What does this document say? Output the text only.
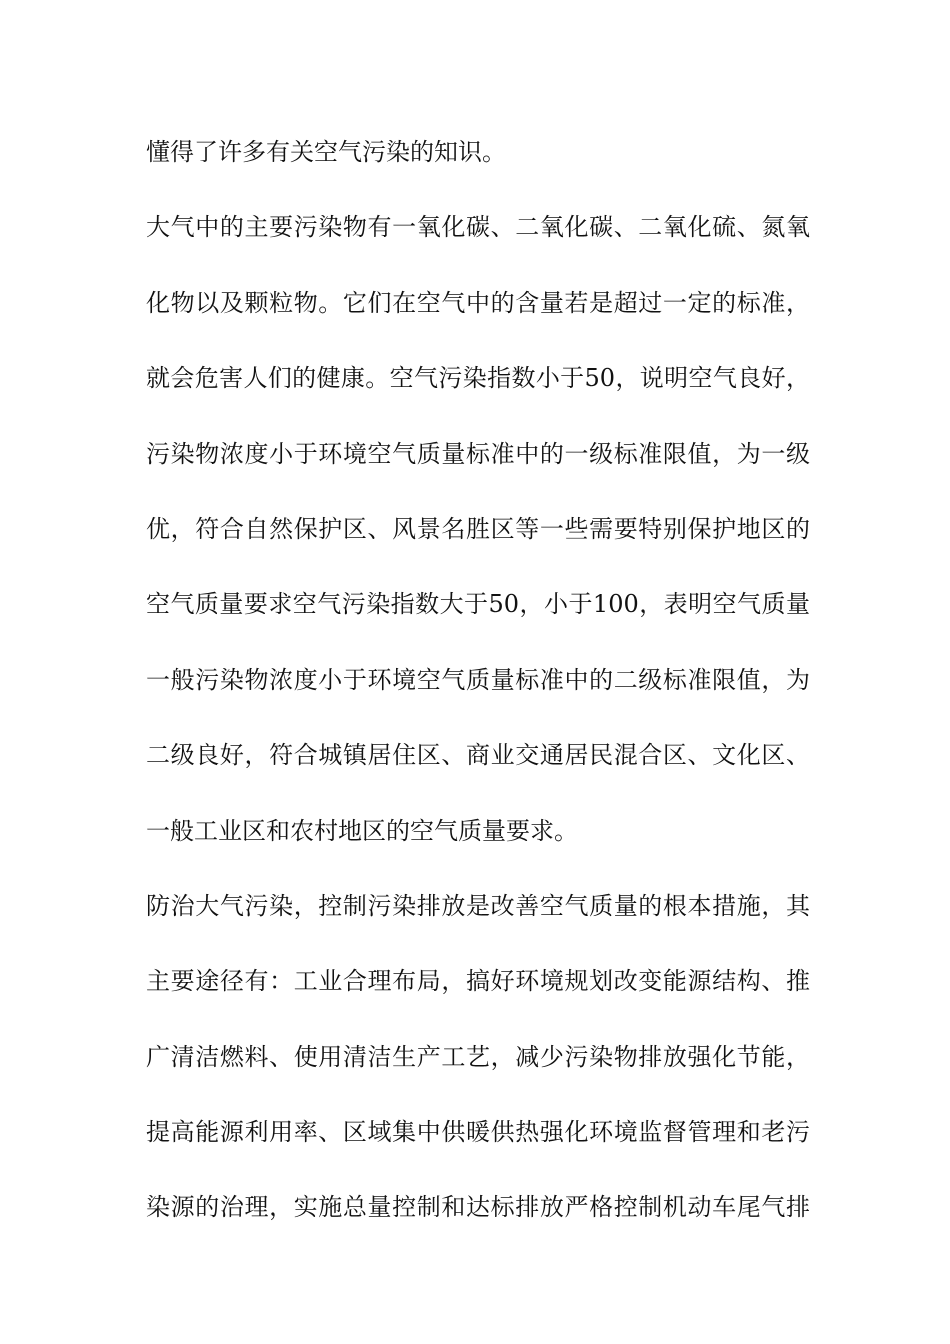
懂得了许多有关空气污染的知识。
大气中的主要污染物有一氧化碳、二氧化碳、二氧化硫、氮氧
化物以及颗粒物。它们在空气中的含量若是超过一定的标准，
就会危害人们的健康。空气污染指数小于50，说明空气良好，
污染物浓度小于环境空气质量标准中的一级标准限值，为一级
优，符合自然保护区、风景名胜区等一些需要特别保护地区的
空气质量要求空气污染指数大于50，小于100，表明空气质量
一般污染物浓度小于环境空气质量标准中的二级标准限值，为
二级良好，符合城镇居住区、商业交通居民混合区、文化区、
一般工业区和农村地区的空气质量要求。
防治大气污染，控制污染排放是改善空气质量的根本措施，其
主要途径有：工业合理布局，搞好环境规划改变能源结构、推
广清洁燃料、使用清洁生产工艺，减少污染物排放强化节能，
提高能源利用率、区域集中供暖供热强化环境监督管理和老污
染源的治理，实施总量控制和达标排放严格控制机动车尾气排
